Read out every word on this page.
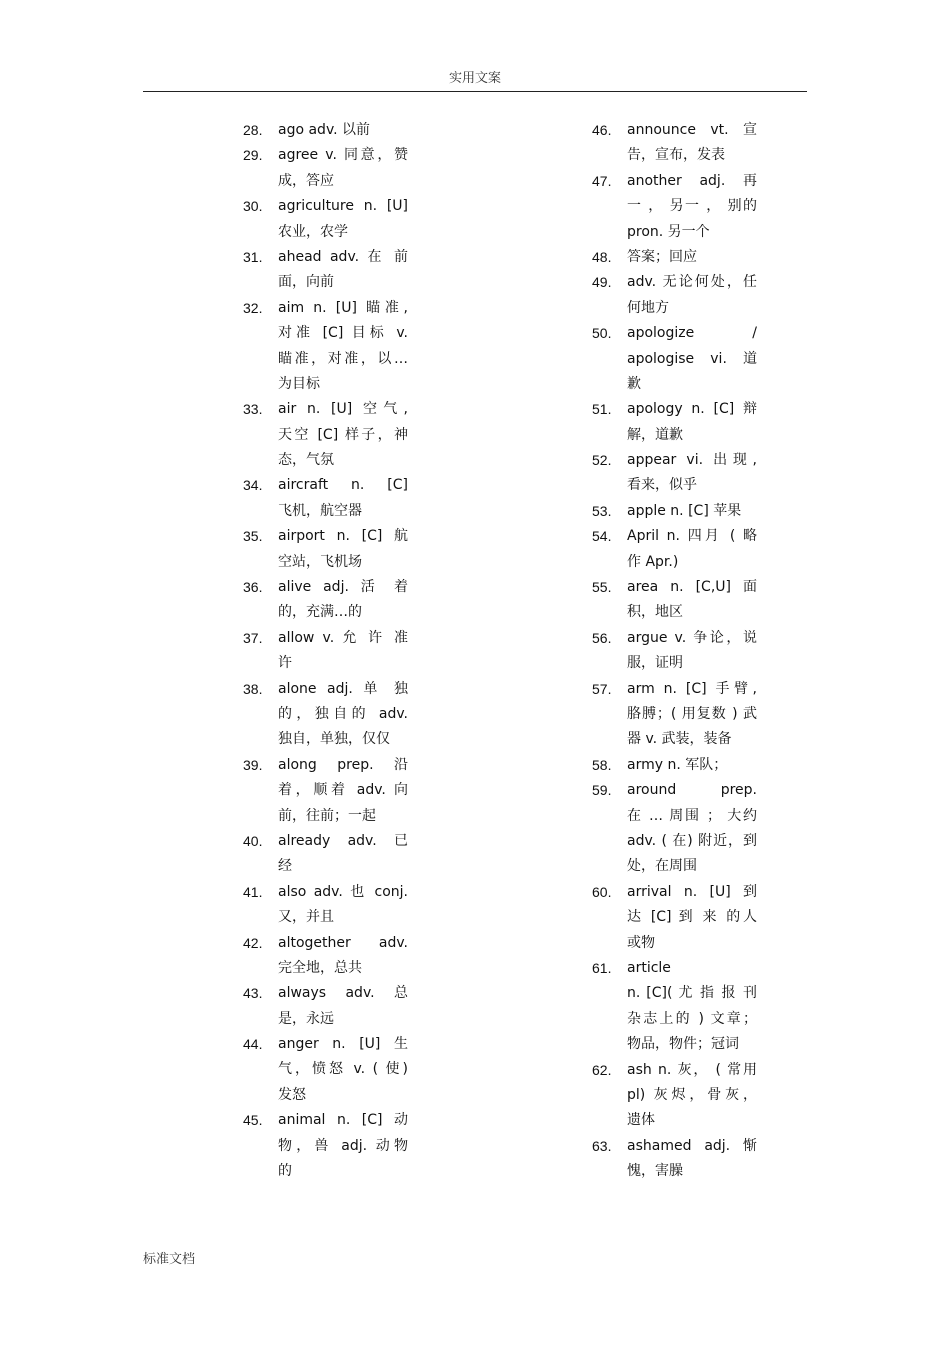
实用文案
28.	ago adv. 以前
29.	agree v. 同意，赞
成，答应
30.	agriculture n. [U]
农业，农学
31.	ahead adv. 在 前
面，向前
32.	aim n. [U] 瞄准,
对准 [C] 目标 v.
瞄准，对准，以…
为目标
33.	air n. [U] 空气,
天空 [C] 样子，神
态，气氛
34.	aircraft n. [C]
飞机，航空器
35.	airport n. [C] 航
空站，飞机场
36.	alive adj. 活 着
的，充满…的
37.	allow v. 允 许 准
许
38.	alone adj. 单 独
的，独自的 adv.
独自，单独，仅仅
39.	along prep. 沿
着，顺着 adv. 向
前，往前；一起
40.	already adv. 已
经
41.	also adv. 也 conj.
又，并且
42.	altogether adv.
完全地，总共
43.	always adv. 总
是，永远
44.	anger n. [U] 生
气，愤怒 v. ( 使)
发怒
45.	animal n. [C] 动
物，兽 adj. 动物
的
46.	announce vt. 宣
告，宣布，发表
47.	another adj. 再
一 ， 另一 ， 别的
pron. 另一个
48.	答案；回应
49.	adv. 无论何处，任
何地方
50.	apologize /
apologise vi. 道
歉
51.	apology n. [C] 辩
解，道歉
52.	appear vi. 出现,
看来，似乎
53.	apple n. [C] 苹果
54.	April n. 四月 ( 略
作 Apr.)
55.	area n. [C,U] 面
积，地区
56.	argue v. 争论，说
服，证明
57.	arm n. [C] 手臂,
胳膊；( 用复数 ) 武
器 v. 武装，装备
58.	army n. 军队；
59.	around prep.
在 … 周围 ； 大约
adv. ( 在) 附近，到
处，在周围
60.	arrival n. [U] 到
达 [C] 到 来 的人
或物
61.	article
n. [C]( 尤 指 报 刊
杂志上的 ) 文章；
物品，物件；冠词
62.	ash n. 灰， ( 常用
pl) 灰烬，骨灰，
遗体
63.	ashamed adj. 惭
愧，害臊
标准文档
